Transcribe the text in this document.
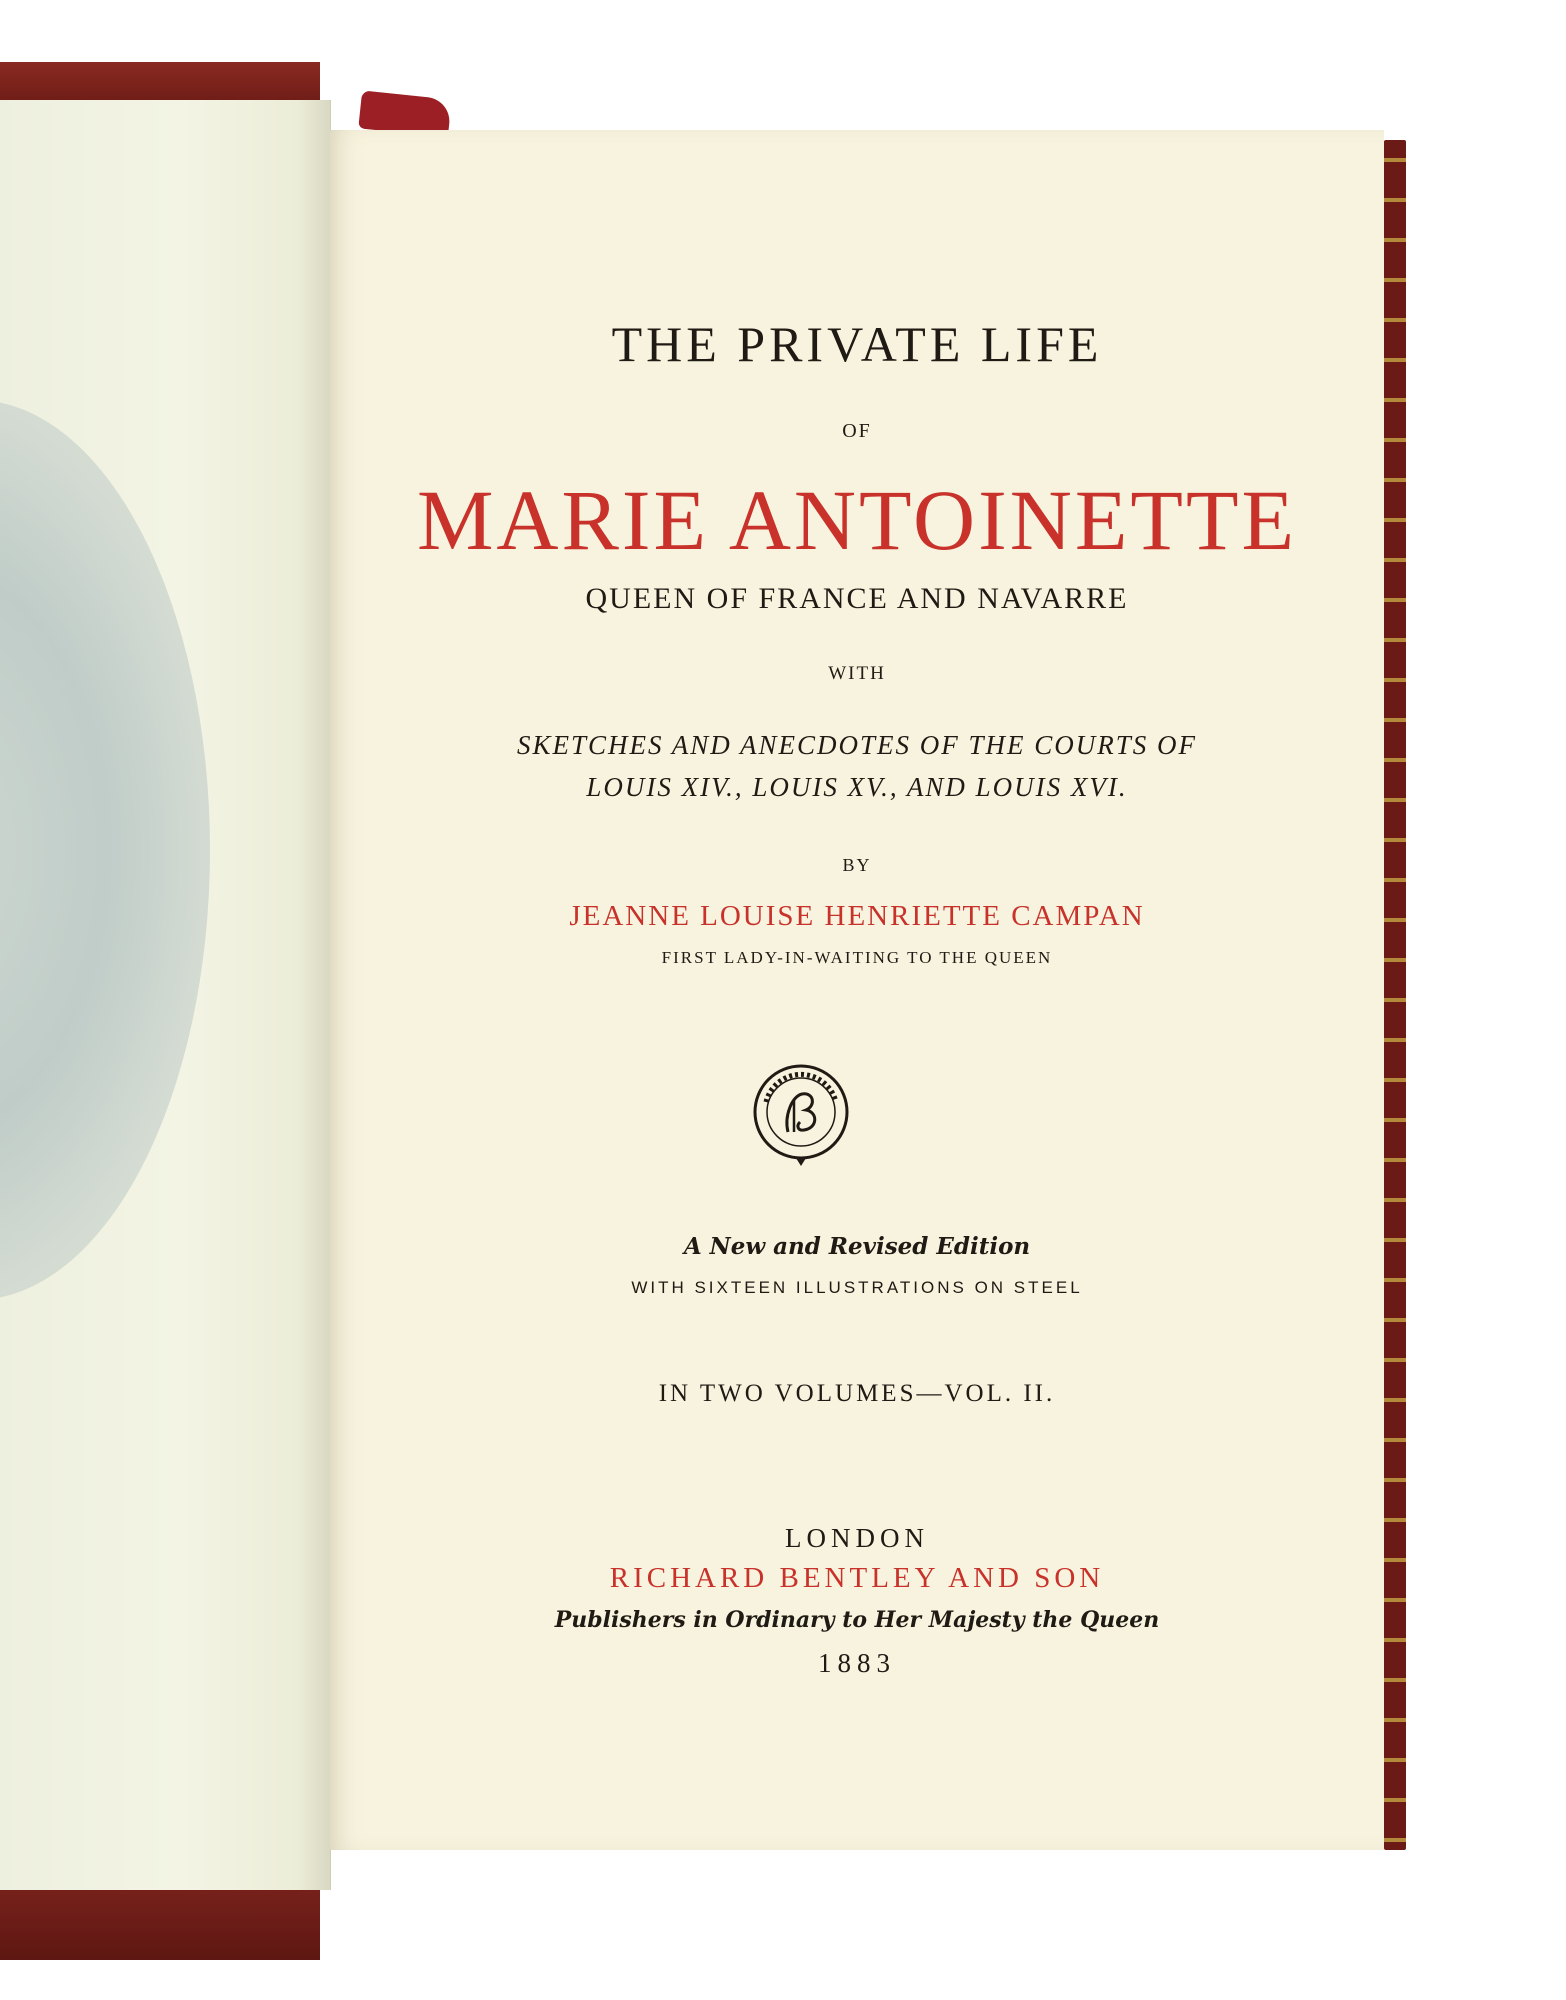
THE PRIVATE LIFE
OF
MARIE ANTOINETTE
QUEEN OF FRANCE AND NAVARRE
WITH
SKETCHES AND ANECDOTES OF THE COURTS OF
LOUIS XIV., LOUIS XV., AND LOUIS XVI.
BY
JEANNE LOUISE HENRIETTE CAMPAN
FIRST LADY-IN-WAITING TO THE QUEEN
A New and Revised Edition
WITH SIXTEEN ILLUSTRATIONS ON STEEL
IN TWO VOLUMES—VOL. II.
LONDON
RICHARD BENTLEY AND SON
Publishers in Ordinary to Her Majesty the Queen
1883
